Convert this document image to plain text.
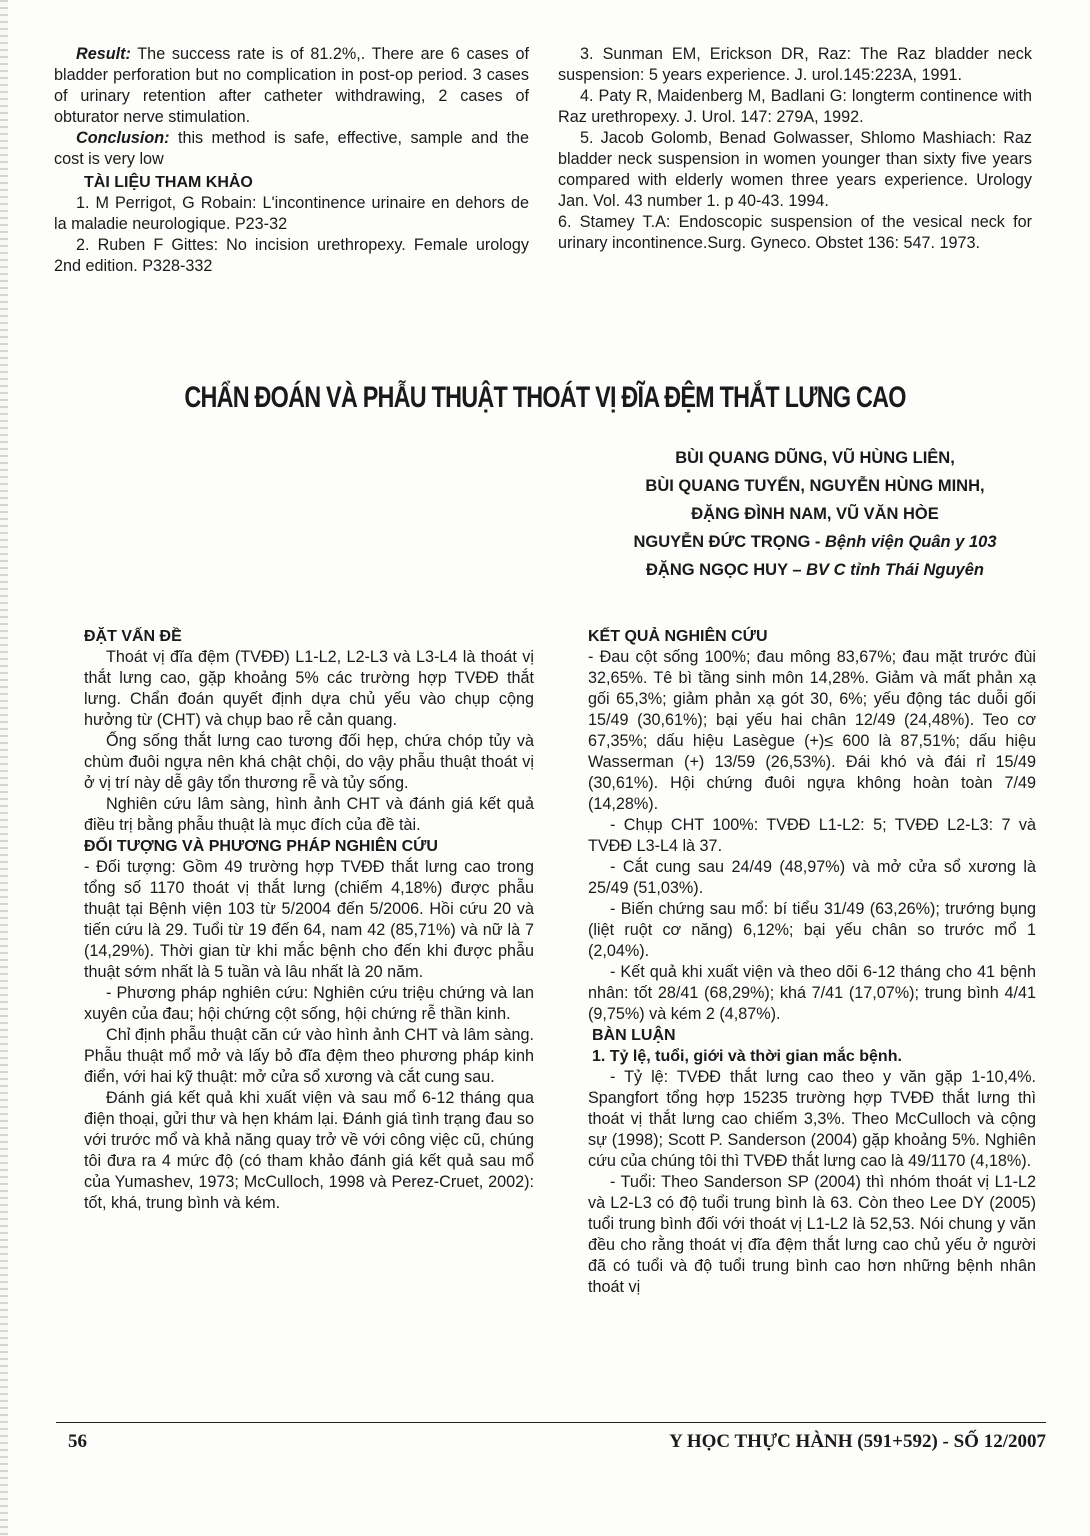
Result: The success rate is of 81.2%,. There are 6 cases of bladder perforation but no complication in post-op period. 3 cases of urinary retention after catheter withdrawing, 2 cases of obturator nerve stimulation.

Conclusion: this method is safe, effective, sample and the cost is very low

TÀI LIỆU THAM KHẢO

1. M Perrigot, G Robain: L'incontinence urinaire en dehors de la maladie neurologique. P23-32

2. Ruben F Gittes: No incision urethropexy. Female urology 2nd edition. P328-332

3. Sunman EM, Erickson DR, Raz: The Raz bladder neck suspension: 5 years experience. J. urol.145:223A, 1991.

4. Paty R, Maidenberg M, Badlani G: longterm continence with Raz urethropexy. J. Urol. 147: 279A, 1992.

5. Jacob Golomb, Benad Golwasser, Shlomo Mashiach: Raz bladder neck suspension in women younger than sixty five years compared with elderly women three years experience. Urology Jan. Vol. 43 number 1. p 40-43. 1994.

6. Stamey T.A: Endoscopic suspension of the vesical neck for urinary incontinence.Surg. Gyneco. Obstet 136: 547. 1973.

CHẨN ĐOÁN VÀ PHẪU THUẬT THOÁT VỊ ĐĨA ĐỆM THẮT LƯNG CAO
BÙI QUANG DŨNG, VŨ HÙNG LIÊN,
BÙI QUANG TUYỂN, NGUYỄN HÙNG MINH,
ĐẶNG ĐÌNH NAM, VŨ VĂN HÒE
NGUYỄN ĐỨC TRỌNG - Bệnh viện Quân y 103
ĐẶNG NGỌC HUY – BV C tỉnh Thái Nguyên

ĐẶT VẤN ĐỀ

Thoát vị đĩa đệm (TVĐĐ) L1-L2, L2-L3 và L3-L4 là thoát vị thắt lưng cao, gặp khoảng 5% các trường hợp TVĐĐ thắt lưng. Chẩn đoán quyết định dựa chủ yếu vào chụp cộng hưởng từ (CHT) và chụp bao rễ cản quang.

Ống sống thắt lưng cao tương đối hẹp, chứa chóp tủy và chùm đuôi ngựa nên khá chật chội, do vậy phẫu thuật thoát vị ở vị trí này dễ gây tổn thương rễ và tủy sống.

Nghiên cứu lâm sàng, hình ảnh CHT và đánh giá kết quả điều trị bằng phẫu thuật là mục đích của đề tài.

ĐỐI TƯỢNG VÀ PHƯƠNG PHÁP NGHIÊN CỨU

- Đối tượng: Gồm 49 trường hợp TVĐĐ thắt lưng cao trong tổng số 1170 thoát vị thắt lưng (chiếm 4,18%) được phẫu thuật tại Bệnh viện 103 từ 5/2004 đến 5/2006. Hồi cứu 20 và tiến cứu là 29. Tuổi từ 19 đến 64, nam 42 (85,71%) và nữ là 7 (14,29%). Thời gian từ khi mắc bệnh cho đến khi được phẫu thuật sớm nhất là 5 tuần và lâu nhất là 20 năm.

- Phương pháp nghiên cứu: Nghiên cứu triệu chứng và lan xuyên của đau; hội chứng cột sống, hội chứng rễ thần kinh.

Chỉ định phẫu thuật căn cứ vào hình ảnh CHT và lâm sàng. Phẫu thuật mổ mở và lấy bỏ đĩa đệm theo phương pháp kinh điển, với hai kỹ thuật: mở cửa sổ xương và cắt cung sau.

Đánh giá kết quả khi xuất viện và sau mổ 6-12 tháng qua điện thoại, gửi thư và hẹn khám lại. Đánh giá tình trạng đau so với trước mổ và khả năng quay trở về với công việc cũ, chúng tôi đưa ra 4 mức độ (có tham khảo đánh giá kết quả sau mổ của Yumashev, 1973; McCulloch, 1998 và Perez-Cruet, 2002): tốt, khá, trung bình và kém.

KẾT QUẢ NGHIÊN CỨU

- Đau cột sống 100%; đau mông 83,67%; đau mặt trước đùi 32,65%. Tê bì tầng sinh môn 14,28%. Giảm và mất phản xạ gối 65,3%; giảm phản xạ gót 30, 6%; yếu động tác duỗi gối 15/49 (30,61%); bại yếu hai chân 12/49 (24,48%). Teo cơ 67,35%; dấu hiệu Lasègue (+)≤ 600 là 87,51%; dấu hiệu Wasserman (+) 13/59 (26,53%). Đái khó và đái rỉ 15/49 (30,61%). Hội chứng đuôi ngựa không hoàn toàn 7/49 (14,28%).

- Chụp CHT 100%: TVĐĐ L1-L2: 5; TVĐĐ L2-L3: 7 và TVĐĐ L3-L4 là 37.

- Cắt cung sau 24/49 (48,97%) và mở cửa sổ xương là 25/49 (51,03%).

- Biến chứng sau mổ: bí tiểu 31/49 (63,26%); trướng bụng (liệt ruột cơ năng) 6,12%; bại yếu chân so trước mổ 1 (2,04%).

- Kết quả khi xuất viện và theo dõi 6-12 tháng cho 41 bệnh nhân: tốt 28/41 (68,29%); khá 7/41 (17,07%); trung bình 4/41 (9,75%) và kém 2 (4,87%).

BÀN LUẬN

1. Tỷ lệ, tuổi, giới và thời gian mắc bệnh.

- Tỷ lệ: TVĐĐ thắt lưng cao theo y văn gặp 1-10,4%. Spangfort tổng hợp 15235 trường hợp TVĐĐ thắt lưng thì thoát vị thắt lưng cao chiếm 3,3%. Theo McCulloch và cộng sự (1998); Scott P. Sanderson (2004) gặp khoảng 5%. Nghiên cứu của chúng tôi thì TVĐĐ thắt lưng cao là 49/1170 (4,18%).

- Tuổi: Theo Sanderson SP (2004) thì nhóm thoát vị L1-L2 và L2-L3 có độ tuổi trung bình là 63. Còn theo Lee DY (2005) tuổi trung bình đối với thoát vị L1-L2 là 52,53. Nói chung y văn đều cho rằng thoát vị đĩa đệm thắt lưng cao chủ yếu ở người đã có tuổi và độ tuổi trung bình cao hơn những bệnh nhân thoát vị

56	Y HỌC THỰC HÀNH (591+592) - SỐ 12/2007
